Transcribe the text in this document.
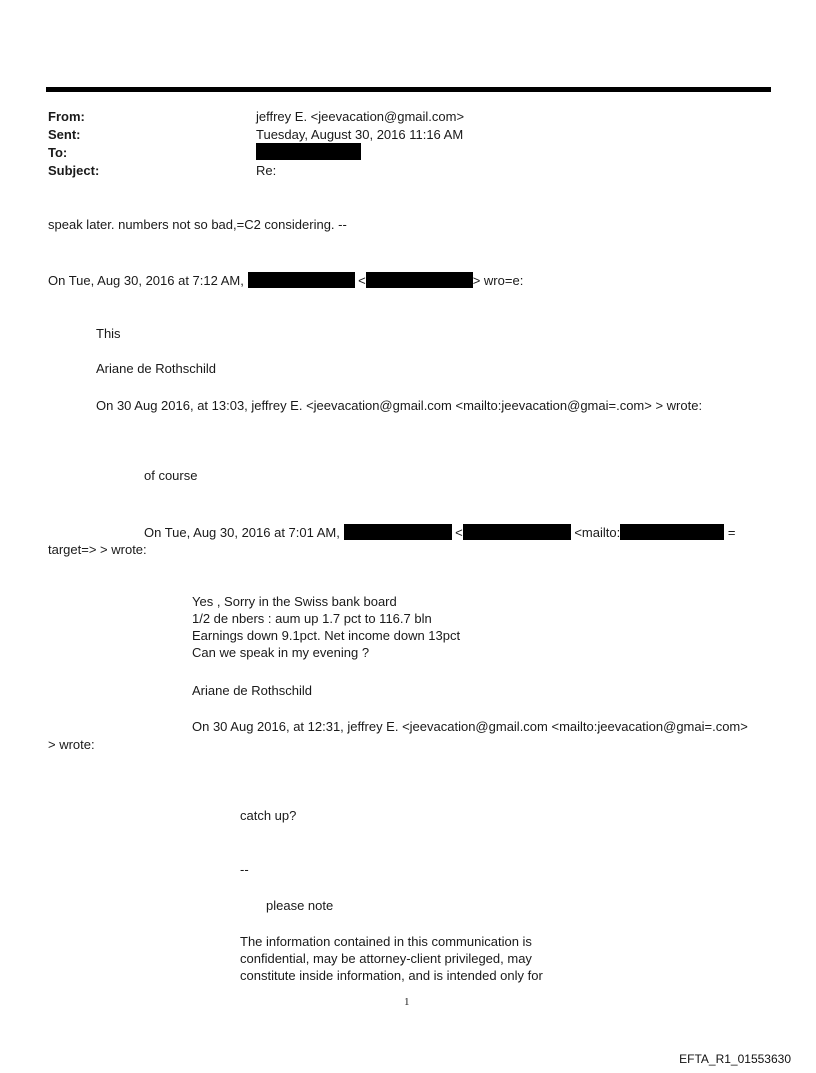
From:	jeffrey E. <jeevacation@gmail.com>
Sent:	Tuesday, August 30, 2016 11:16 AM
To:
Subject:	Re:
speak later. numbers not so bad,=C2 considering. --
On Tue, Aug 30, 2016 at 7:12 AM,	<	> wro=e:
This
Ariane de Rothschild
On 30 Aug 2016, at 13:03, jeffrey E. <jeevacation@gmail.com <mailto:jeevacation@gmai=.com> > wrote:
of course
On Tue, Aug 30, 2016 at 7:01 AM,	<	<mailto:	=
target=> > wrote:
Yes , Sorry in the Swiss bank board
1/2 de nbers : aum up 1.7 pct to 116.7 bln
Earnings down 9.1pct. Net income down 13pct
Can we speak in my evening ?
Ariane de Rothschild
On 30 Aug 2016, at 12:31, jeffrey E. <jeevacation@gmail.com <mailto:jeevacation@gmai=.com>
> wrote:
catch up?
--
please note
The information contained in this communication is
confidential, may be attorney-client privileged, may
constitute inside information, and is intended only for
1
EFTA_R1_01553630
